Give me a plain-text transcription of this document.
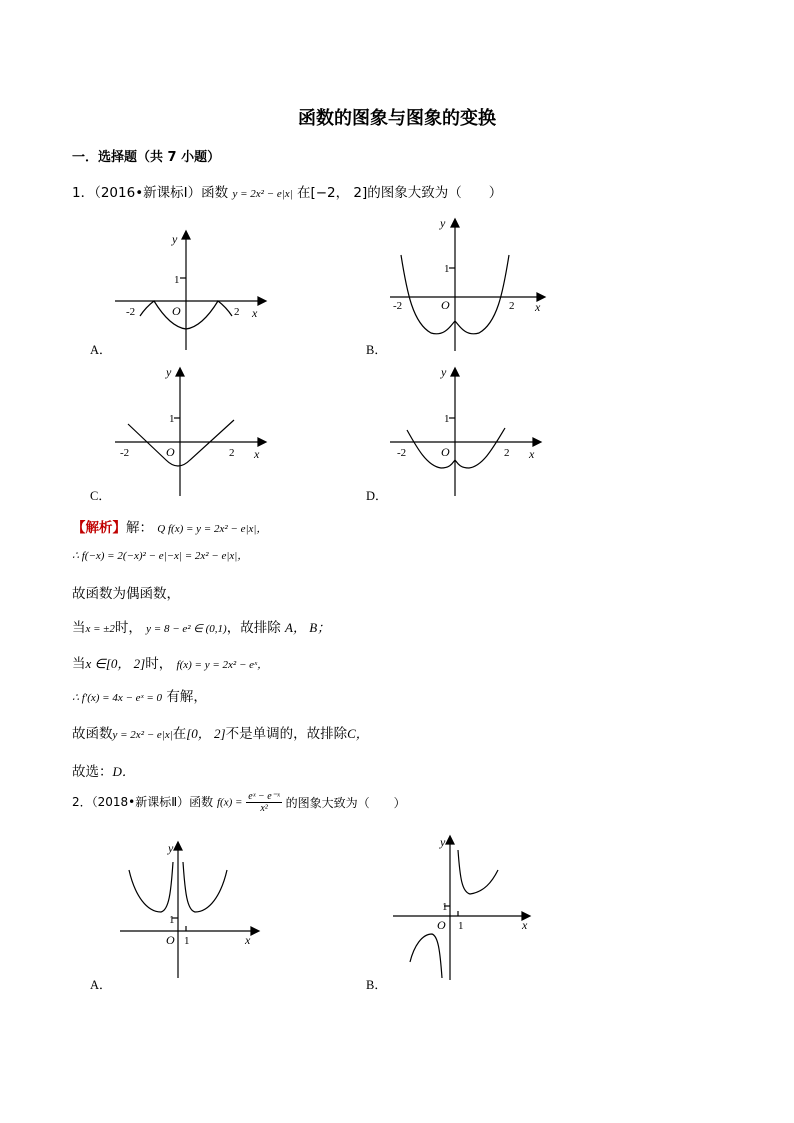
函数的图象与图象的变换
一．选择题（共 7 小题）
1．（2016•新课标Ⅰ）函数 y = 2x² − e|x| 在[−2， 2]的图象大致为（　　）
y
1
O
-2	2 x
A．
y
1
O
-2	2 x
B．
y
1
O
-2	2 x
C．
y
1
O
-2	2 x
D．
【解析】解： Q f(x) = y = 2x² − e|x|，
∴ f(−x) = 2(−x)² − e|−x| = 2x² − e|x|，
故函数为偶函数，
当x = ±2时， y = 8 − e² ∈ (0,1)，故排除 A， B；
当x ∈[0， 2]时， f(x) = y = 2x² − eˣ，
∴ f′(x) = 4x − eˣ = 0 有解，
故函数y = 2x² − e|x|在[0， 2]不是单调的，故排除C，
故选：D．
2．（2018•新课标Ⅱ）函数 $f(x) = \frac{\text{eˣ − e⁻ˣ}}{\text{x²}}$ 的图象大致为（　　）
y
1
O 1	x
A．
y
1
O 1	x
B．
